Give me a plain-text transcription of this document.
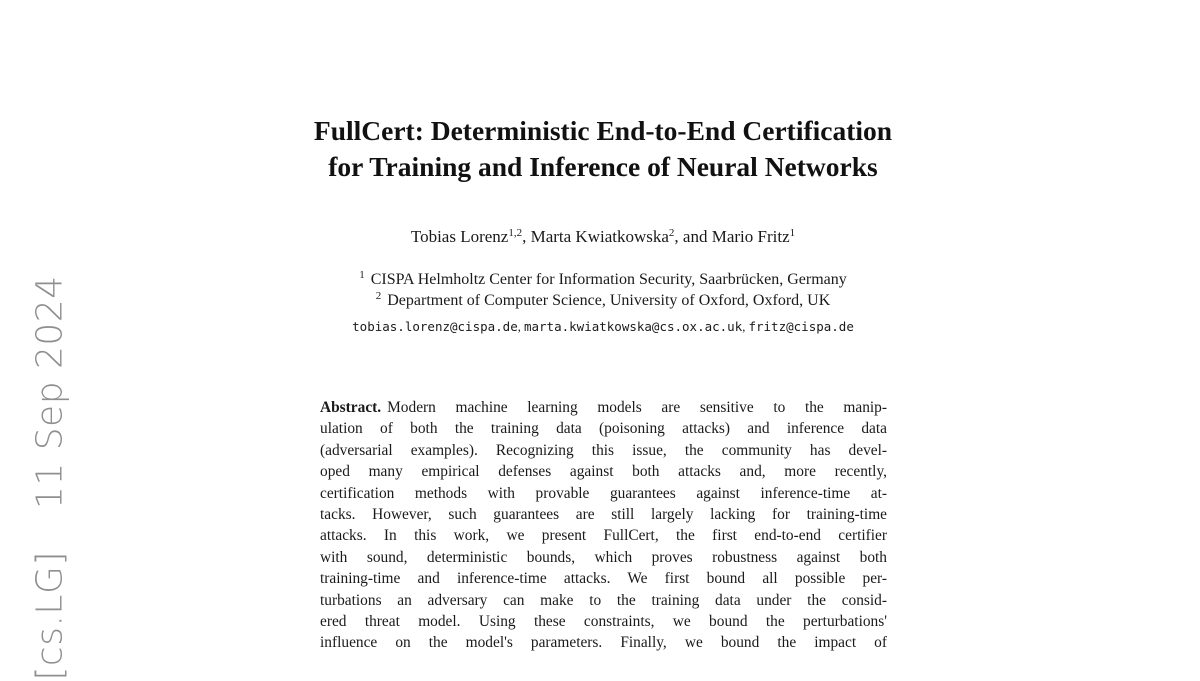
[cs.LG]    11 Sep 2024
FullCert: Deterministic End-to-End Certification
for Training and Inference of Neural Networks
Tobias Lorenz$^{1,2}$, Marta Kwiatkowska$^2$, and Mario Fritz$^1$
$^1$ CISPA Helmholtz Center for Information Security, Saarbrücken, Germany
$^2$ Department of Computer Science, University of Oxford, Oxford, UK
tobias.lorenz@cispa.de, marta.kwiatkowska@cs.ox.ac.uk, fritz@cispa.de
Abstract. Modern machine learning models are sensitive to the manip-
ulation of both the training data (poisoning attacks) and inference data
(adversarial examples). Recognizing this issue, the community has devel-
oped many empirical defenses against both attacks and, more recently,
certification methods with provable guarantees against inference-time at-
tacks. However, such guarantees are still largely lacking for training-time
attacks. In this work, we present FullCert, the first end-to-end certifier
with sound, deterministic bounds, which proves robustness against both
training-time and inference-time attacks. We first bound all possible per-
turbations an adversary can make to the training data under the consid-
ered threat model. Using these constraints, we bound the perturbations'
influence on the model's parameters. Finally, we bound the impact of
